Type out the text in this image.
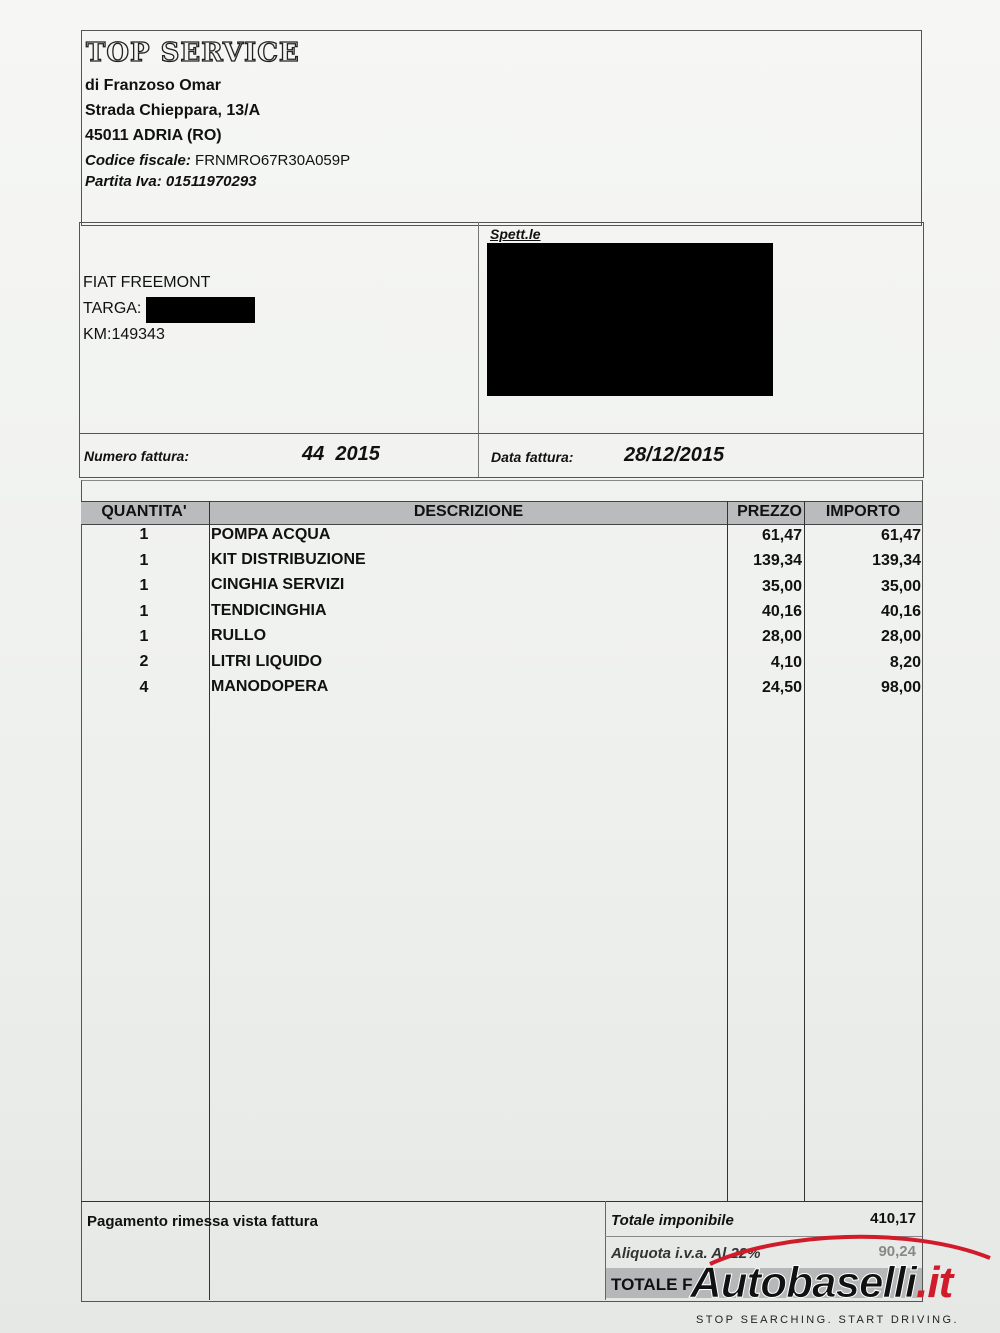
TOP SERVICE
di Franzoso Omar
Strada Chieppara, 13/A
45011 ADRIA (RO)
Codice fiscale: FRNMRO67R30A059P
Partita Iva: 01511970293
FIAT FREEMONT
TARGA:
KM:149343
Spett.le
Numero fattura:	44  2015	Data fattura:	28/12/2015
QUANTITA'	DESCRIZIONE	PREZZO	IMPORTO
1	POMPA ACQUA	61,47	61,47
1	KIT DISTRIBUZIONE	139,34	139,34
1	CINGHIA SERVIZI	35,00	35,00
1	TENDICINGHIA	40,16	40,16
1	RULLO	28,00	28,00
2	LITRI LIQUIDO	4,10	8,20
4	MANODOPERA	24,50	98,00
Pagamento rimessa vista fattura	Totale imponibile	410,17
Aliquota i.v.a. Al 22%	90,24
TOTALE F
Autobaselli.it
STOP SEARCHING. START DRIVING.
